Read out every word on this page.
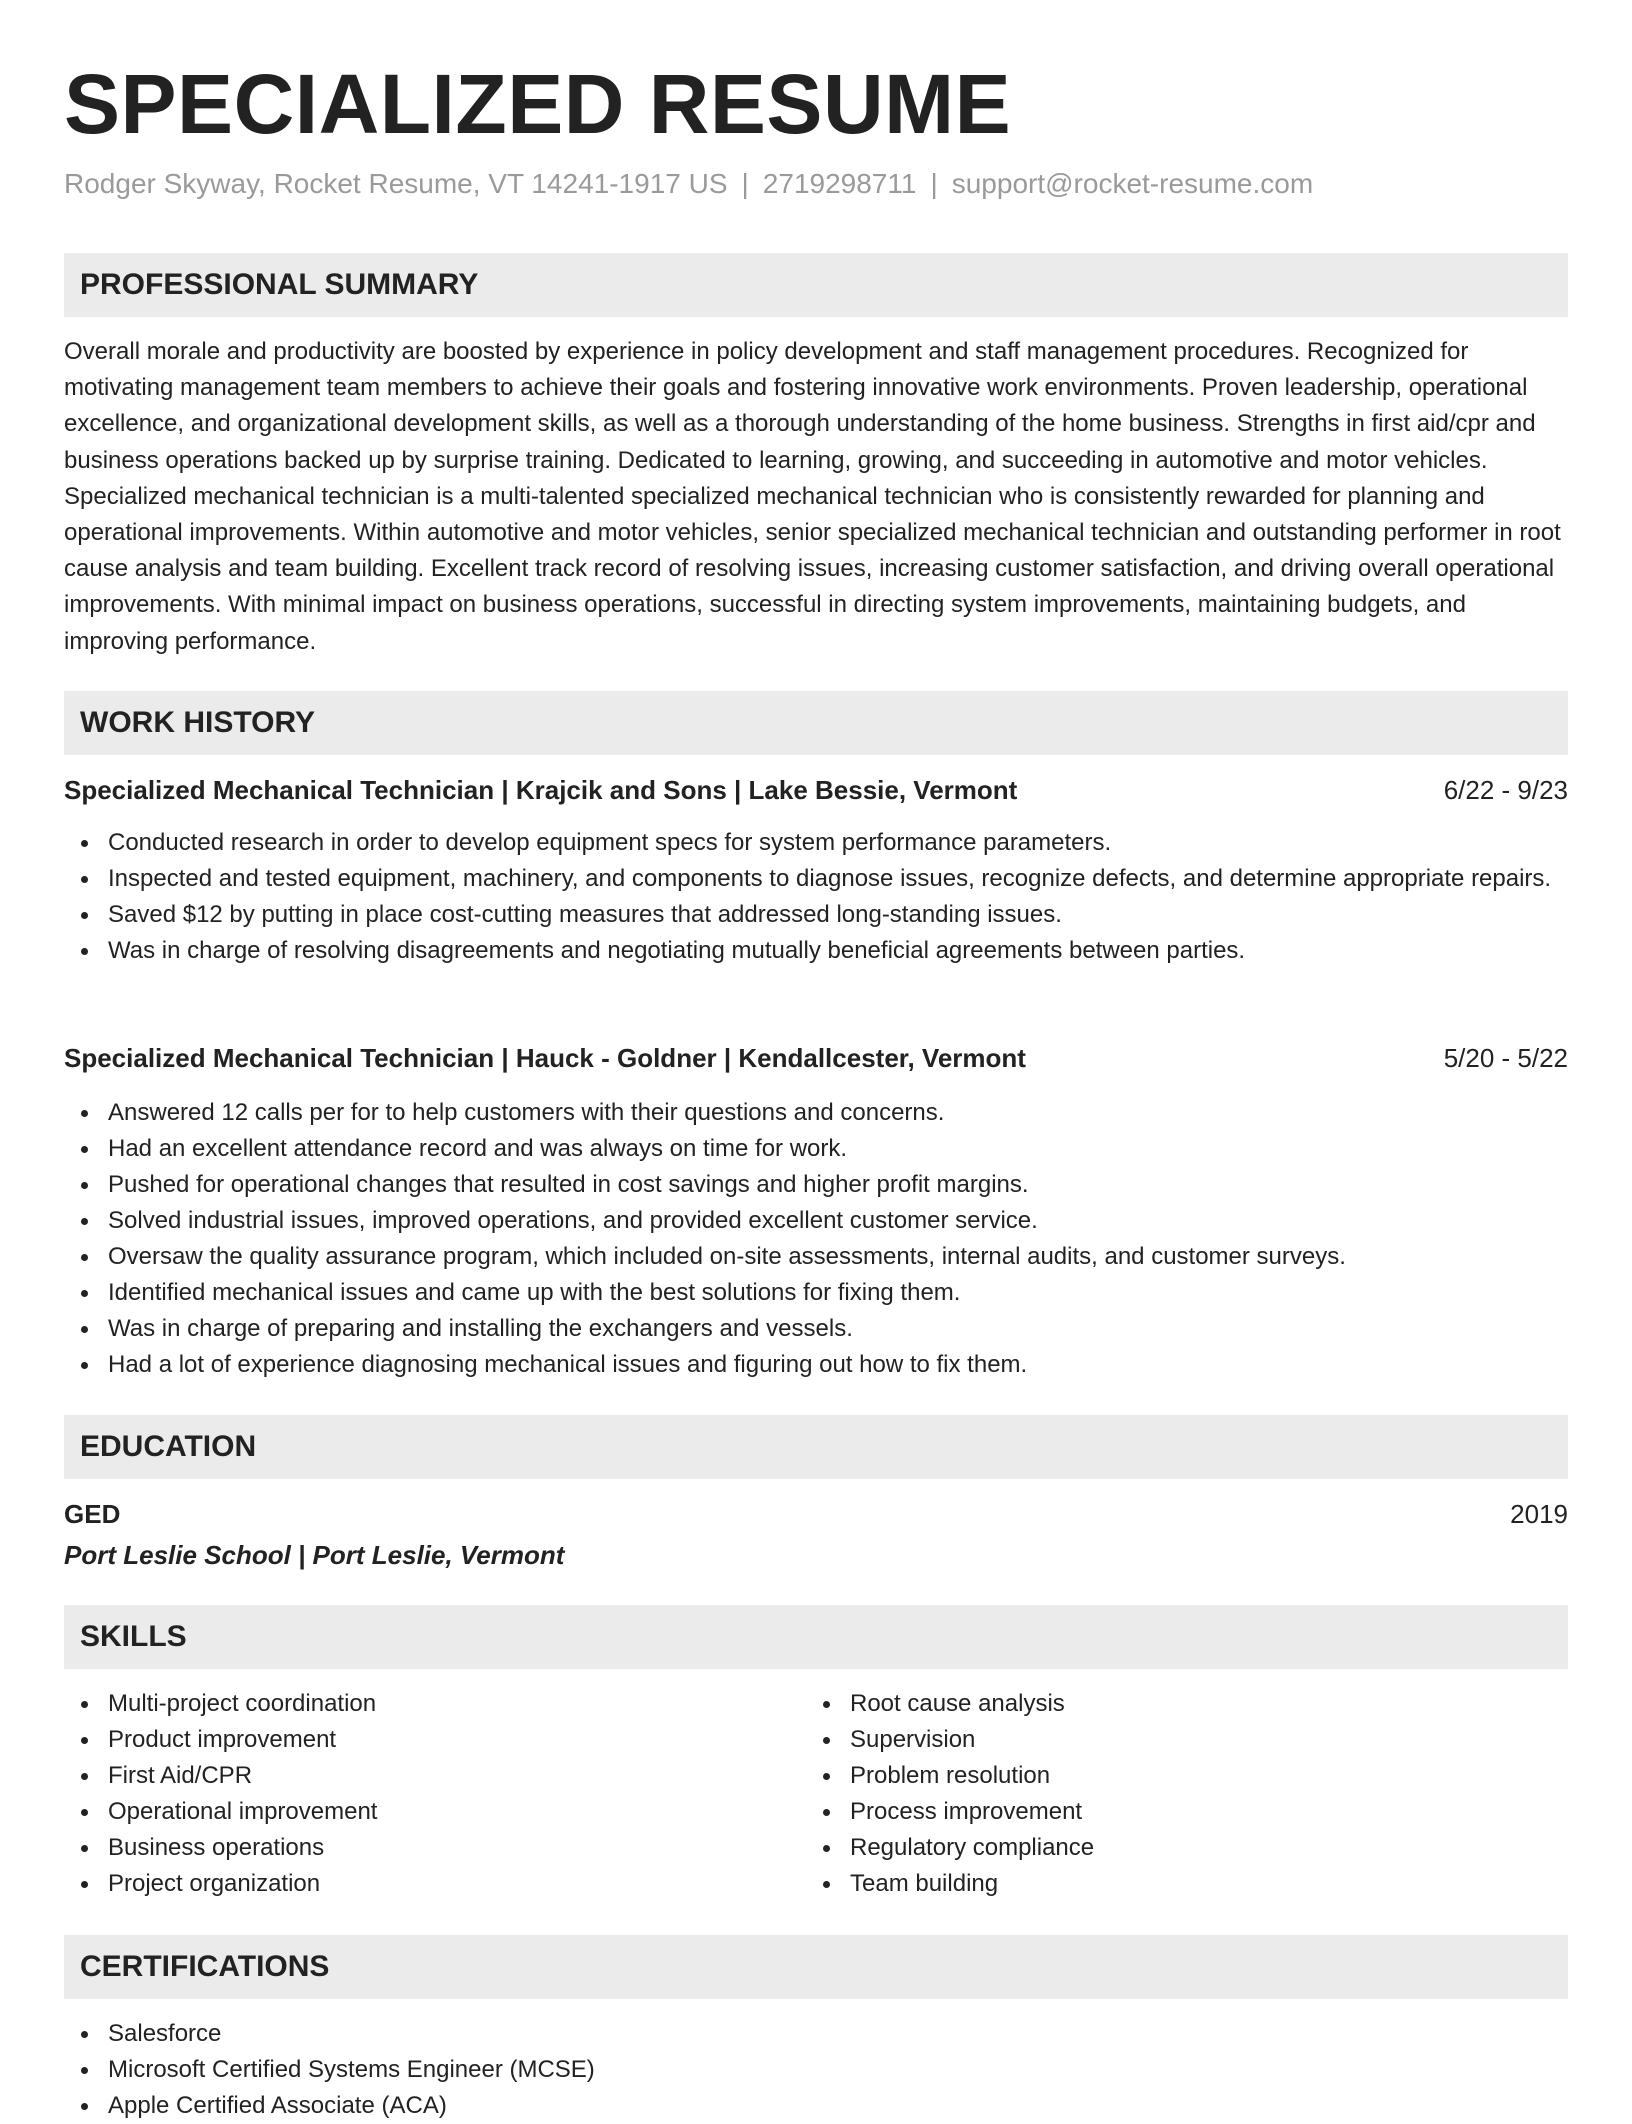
SPECIALIZED RESUME
Rodger Skyway, Rocket Resume, VT 14241-1917 US | 2719298711 | support@rocket-resume.com
PROFESSIONAL SUMMARY

Overall morale and productivity are boosted by experience in policy development and staff management procedures. Recognized for motivating management team members to achieve their goals and fostering innovative work environments. Proven leadership, operational excellence, and organizational development skills, as well as a thorough understanding of the home business. Strengths in first aid/cpr and business operations backed up by surprise training. Dedicated to learning, growing, and succeeding in automotive and motor vehicles. Specialized mechanical technician is a multi-talented specialized mechanical technician who is consistently rewarded for planning and operational improvements. Within automotive and motor vehicles, senior specialized mechanical technician and outstanding performer in root cause analysis and team building. Excellent track record of resolving issues, increasing customer satisfaction, and driving overall operational improvements. With minimal impact on business operations, successful in directing system improvements, maintaining budgets, and improving performance.

WORK HISTORY
Specialized Mechanical Technician | Krajcik and Sons | Lake Bessie, Vermont	6/22 - 9/23
Conducted research in order to develop equipment specs for system performance parameters.
Inspected and tested equipment, machinery, and components to diagnose issues, recognize defects, and determine appropriate repairs.
Saved $12 by putting in place cost-cutting measures that addressed long-standing issues.
Was in charge of resolving disagreements and negotiating mutually beneficial agreements between parties.
Specialized Mechanical Technician | Hauck - Goldner | Kendallcester, Vermont	5/20 - 5/22
Answered 12 calls per for to help customers with their questions and concerns.
Had an excellent attendance record and was always on time for work.
Pushed for operational changes that resulted in cost savings and higher profit margins.
Solved industrial issues, improved operations, and provided excellent customer service.
Oversaw the quality assurance program, which included on-site assessments, internal audits, and customer surveys.
Identified mechanical issues and came up with the best solutions for fixing them.
Was in charge of preparing and installing the exchangers and vessels.
Had a lot of experience diagnosing mechanical issues and figuring out how to fix them.
EDUCATION
GED	2019
Port Leslie School | Port Leslie, Vermont
SKILLS
Multi-project coordination
Product improvement
First Aid/CPR
Operational improvement
Business operations
Project organization
Root cause analysis
Supervision
Problem resolution
Process improvement
Regulatory compliance
Team building
CERTIFICATIONS
Salesforce
Microsoft Certified Systems Engineer (MCSE)
Apple Certified Associate (ACA)
